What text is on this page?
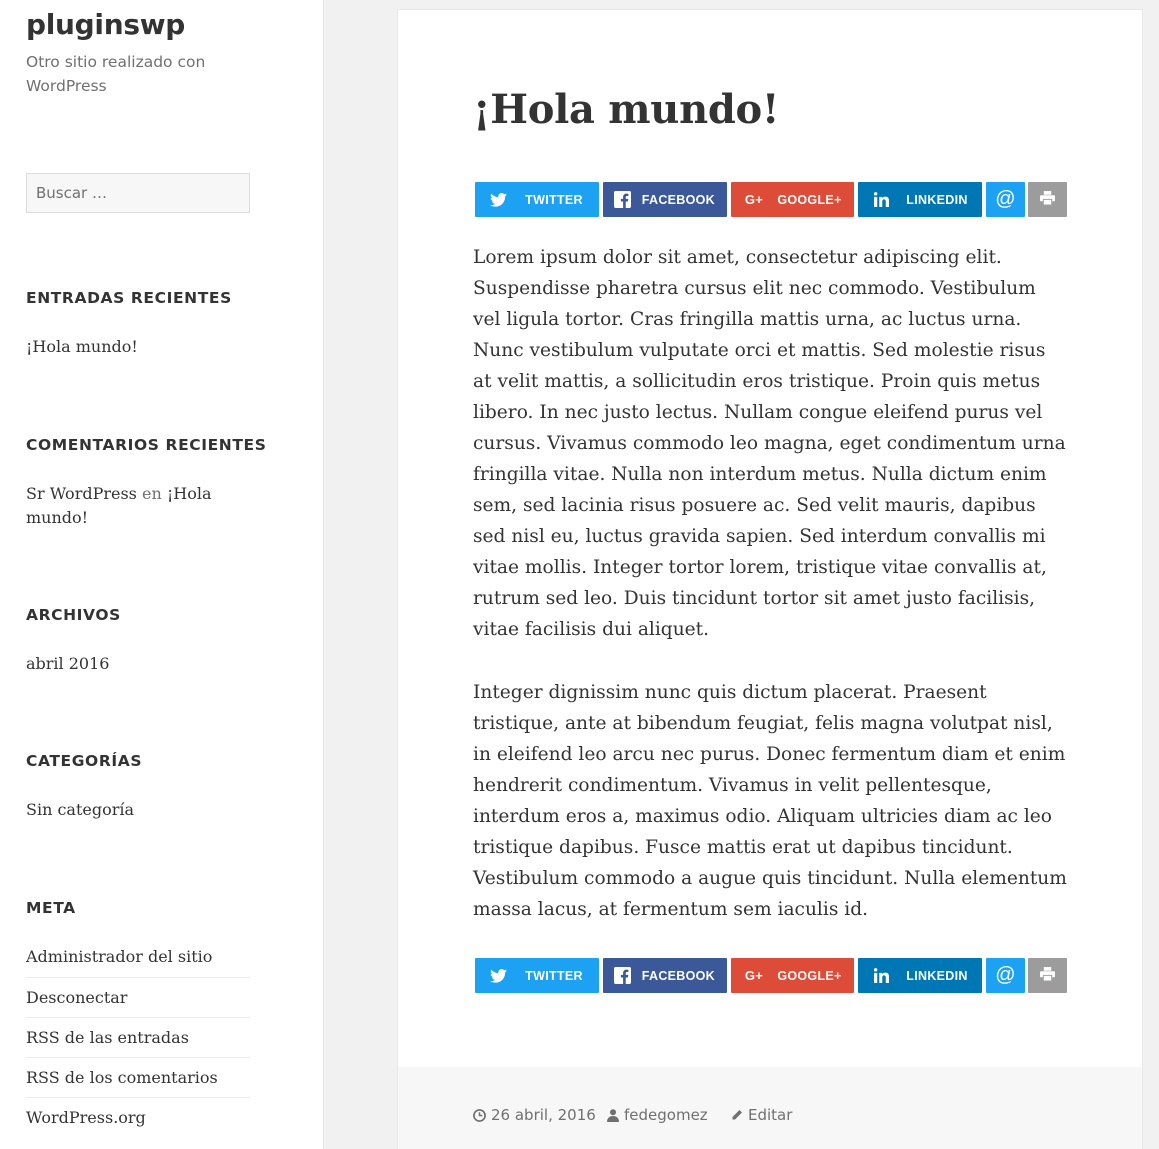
pluginswp
Otro sitio realizado con WordPress
Buscar …
ENTRADAS RECIENTES
¡Hola mundo!
COMENTARIOS RECIENTES
Sr WordPress en ¡Hola mundo!
ARCHIVOS
abril 2016
CATEGORÍAS
Sin categoría
META
Administrador del sitio
Desconectar
RSS de las entradas
RSS de los comentarios
WordPress.org
¡Hola mundo!
TWITTER	FACEBOOK	G+	GOOGLE+	LINKEDIN	@

Lorem ipsum dolor sit amet, consectetur adipiscing elit. Suspendisse pharetra cursus elit nec commodo. Vestibulum vel ligula tortor. Cras fringilla mattis urna, ac luctus urna. Nunc vestibulum vulputate orci et mattis. Sed molestie risus at velit mattis, a sollicitudin eros tristique. Proin quis metus libero. In nec justo lectus. Nullam congue eleifend purus vel cursus. Vivamus commodo leo magna, eget condimentum urna fringilla vitae. Nulla non interdum metus. Nulla dictum enim sem, sed lacinia risus posuere ac. Sed velit mauris, dapibus sed nisl eu, luctus gravida sapien. Sed interdum convallis mi vitae mollis. Integer tortor lorem, tristique vitae convallis at, rutrum sed leo. Duis tincidunt tortor sit amet justo facilisis, vitae facilisis dui aliquet.

Integer dignissim nunc quis dictum placerat. Praesent tristique, ante at bibendum feugiat, felis magna volutpat nisl, in eleifend leo arcu nec purus. Donec fermentum diam et enim hendrerit condimentum. Vivamus in velit pellentesque, interdum eros a, maximus odio. Aliquam ultricies diam ac leo tristique dapibus. Fusce mattis erat ut dapibus tincidunt. Vestibulum commodo a augue quis tincidunt. Nulla elementum massa lacus, at fermentum sem iaculis id.

TWITTER	FACEBOOK	G+	GOOGLE+	LINKEDIN	@
26 abril, 2016 fedegomez	Editar
